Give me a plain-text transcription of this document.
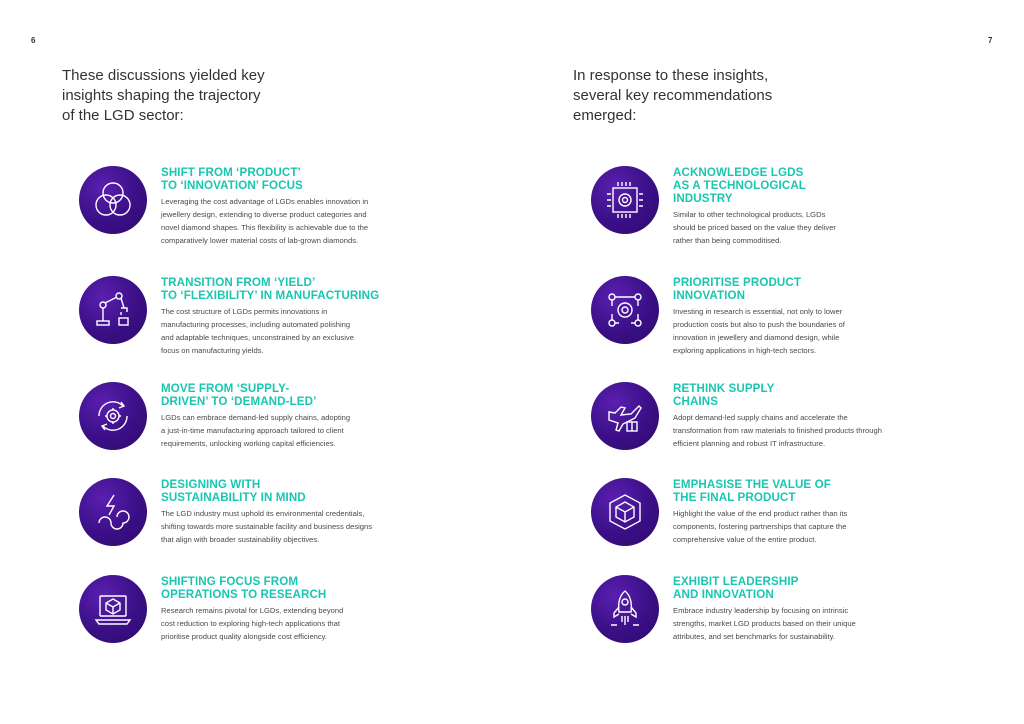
6	7
These discussions yielded key
insights shaping the trajectory
of the LGD sector:
In response to these insights,
several key recommendations
emerged:

SHIFT FROM ‘PRODUCT’
TO ‘INNOVATION’ FOCUS

Leveraging the cost advantage of LGDs enables innovation in
jewellery design, extending to diverse product categories and
novel diamond shapes. This flexibility is achievable due to the
comparatively lower material costs of lab-grown diamonds.

TRANSITION FROM ‘YIELD’
TO ‘FLEXIBILITY’ IN MANUFACTURING

The cost structure of LGDs permits innovations in
manufacturing processes, including automated polishing
and adaptable techniques, unconstrained by an exclusive
focus on manufacturing yields.

MOVE FROM ‘SUPPLY-
DRIVEN’ TO ‘DEMAND-LED’

LGDs can embrace demand-led supply chains, adopting
a just-in-time manufacturing approach tailored to client
requirements, unlocking working capital efficiencies.

DESIGNING WITH
SUSTAINABILITY IN MIND

The LGD industry must uphold its environmental credentials,
shifting towards more sustainable facility and business designs
that align with broader sustainability objectives.

SHIFTING FOCUS FROM
OPERATIONS TO RESEARCH

Research remains pivotal for LGDs, extending beyond
cost reduction to exploring high-tech applications that
prioritise product quality alongside cost efficiency.

ACKNOWLEDGE LGDS
AS A TECHNOLOGICAL
INDUSTRY

Similar to other technological products, LGDs
should be priced based on the value they deliver
rather than being commoditised.

PRIORITISE PRODUCT
INNOVATION

Investing in research is essential, not only to lower
production costs but also to push the boundaries of
innovation in jewellery and diamond design, while
exploring applications in high-tech sectors.

RETHINK SUPPLY
CHAINS

Adopt demand-led supply chains and accelerate the
transformation from raw materials to finished products through
efficient planning and robust IT infrastructure.

EMPHASISE THE VALUE OF
THE FINAL PRODUCT

Highlight the value of the end product rather than its
components, fostering partnerships that capture the
comprehensive value of the entire product.

EXHIBIT LEADERSHIP
AND INNOVATION

Embrace industry leadership by focusing on intrinsic
strengths, market LGD products based on their unique
attributes, and set benchmarks for sustainability.
